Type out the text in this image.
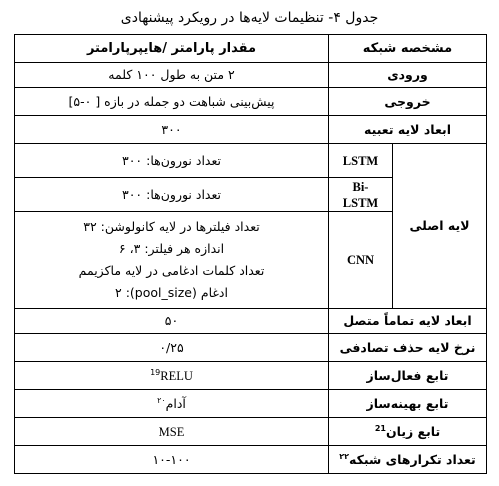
جدول ۴- تنظیمات لایه‌ها در رویکرد پیشنهادی
مشخصه شبکه		مقدار پارامتر /هایپرپارامتر
ورودی		۲ متن به طول ۱۰۰ کلمه
خروجی		پیش‌بینی شباهت دو جمله در بازه [ ۰-۵]
ابعاد لایه تعبیه		۳۰۰
لایه اصلی	LSTM	تعداد نورون‌ها: ۳۰۰
	Bi-LSTM	تعداد نورون‌ها: ۳۰۰
	CNN	تعداد فیلترها در لایه کانولوشن: ۳۲
اندازه هر فیلتر: ۳، ۶
تعداد کلمات ادغامی در لایه ماکزیمم
ادغام (pool_size): ۲

ابعاد لایه تماماً متصل		۵۰
نرخ لایه حذف تصادفی		۰/۲۵
تابع فعال‌ساز		RELU$^{19}$
تابع بهینه‌ساز		آدام$^{۲۰}$
تابع زیان$^{21}$		MSE
تعداد تکرارهای شبکه$^{۲۲}$		۱۰-۱۰۰
